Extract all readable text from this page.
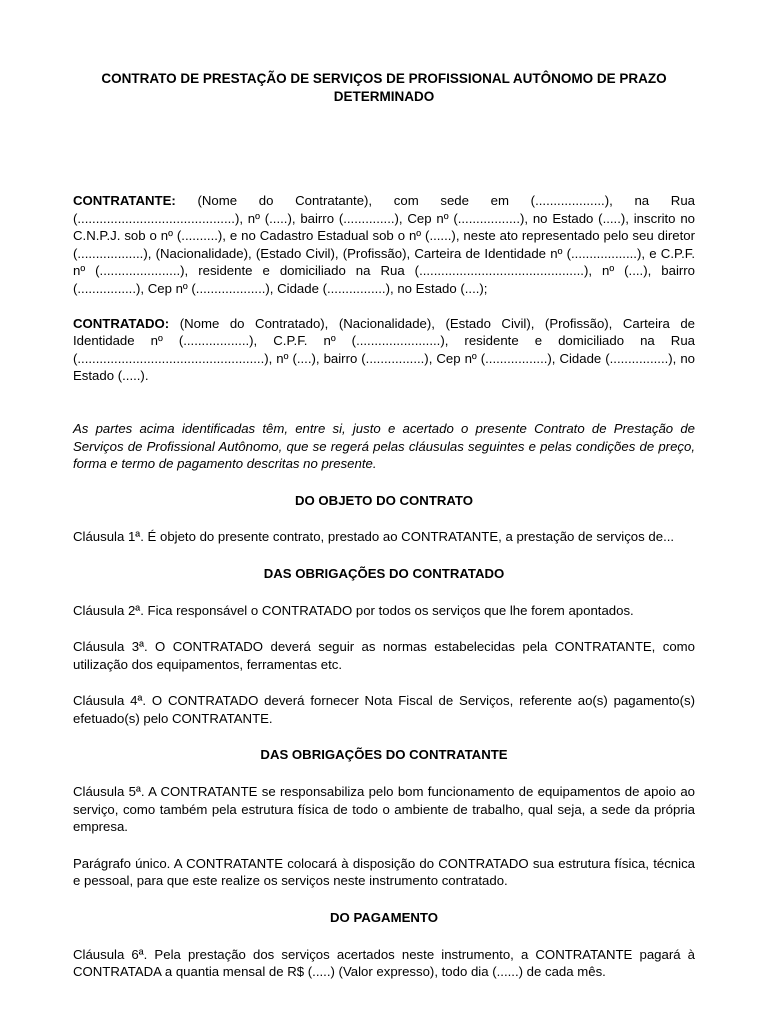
CONTRATO DE PRESTAÇÃO DE SERVIÇOS DE PROFISSIONAL AUTÔNOMO DE PRAZO DETERMINADO

CONTRATANTE: (Nome do Contratante), com sede em (...................), na Rua (...........................................), nº (.....), bairro (..............), Cep nº (.................), no Estado (.....), inscrito no C.N.P.J. sob o nº (..........), e no Cadastro Estadual sob o nº (......), neste ato representado pelo seu diretor (..................), (Nacionalidade), (Estado Civil), (Profissão), Carteira de Identidade nº (..................), e C.P.F. nº (......................), residente e domiciliado na Rua (.............................................), nº (....), bairro (................), Cep nº (...................), Cidade (................), no Estado (....);

CONTRATADO: (Nome do Contratado), (Nacionalidade), (Estado Civil), (Profissão), Carteira de Identidade nº (..................), C.P.F. nº (.......................), residente e domiciliado na Rua (...................................................), nº (....), bairro (................), Cep nº (.................), Cidade (................), no Estado (.....).

As partes acima identificadas têm, entre si, justo e acertado o presente Contrato de Prestação de Serviços de Profissional Autônomo, que se regerá pelas cláusulas seguintes e pelas condições de preço, forma e termo de pagamento descritas no presente.

DO OBJETO DO CONTRATO

Cláusula 1ª. É objeto do presente contrato, prestado ao CONTRATANTE, a prestação de serviços de...

DAS OBRIGAÇÕES DO CONTRATADO

Cláusula 2ª. Fica responsável o CONTRATADO por todos os serviços que lhe forem apontados.

Cláusula 3ª. O CONTRATADO deverá seguir as normas estabelecidas pela CONTRATANTE, como utilização dos equipamentos, ferramentas etc.

Cláusula 4ª. O CONTRATADO deverá fornecer Nota Fiscal de Serviços, referente ao(s) pagamento(s) efetuado(s) pelo CONTRATANTE.

DAS OBRIGAÇÕES DO CONTRATANTE

Cláusula 5ª. A CONTRATANTE se responsabiliza pelo bom funcionamento de equipamentos de apoio ao serviço, como também pela estrutura física de todo o ambiente de trabalho, qual seja, a sede da própria empresa.

Parágrafo único. A CONTRATANTE colocará à disposição do CONTRATADO sua estrutura física, técnica e pessoal, para que este realize os serviços neste instrumento contratado.

DO PAGAMENTO

Cláusula 6ª. Pela prestação dos serviços acertados neste instrumento, a CONTRATANTE pagará à CONTRATADA a quantia mensal de R$ (.....) (Valor expresso), todo dia (......) de cada mês.
